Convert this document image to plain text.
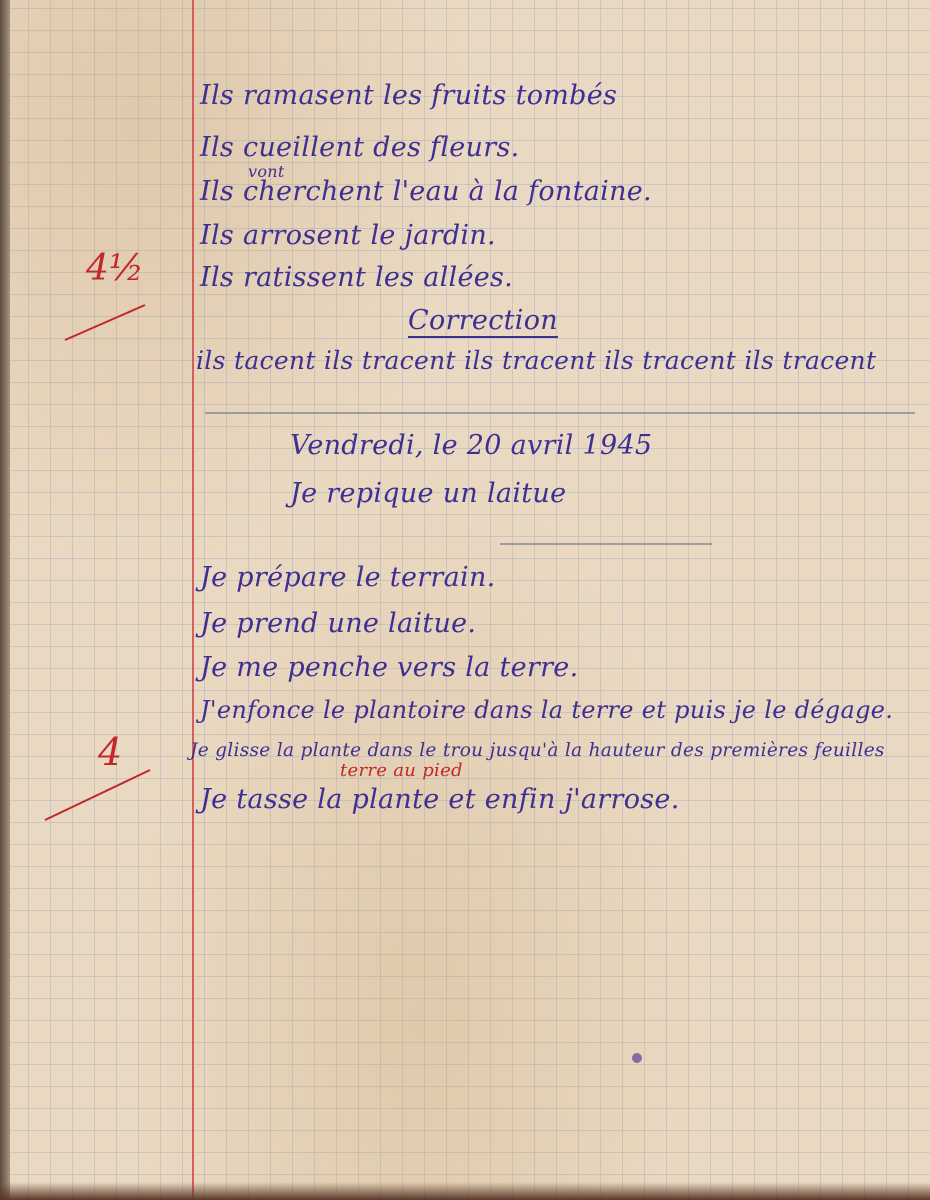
Ils ramasent les fruits tombés
Ils cueillent des fleurs.
vont
Ils cherchent l'eau à la fontaine.
Ils arrosent le jardin.
Ils ratissent les allées.
4½
Correction
ils tacent ils tracent ils tracent ils tracent ils tracent
Vendredi, le 20 avril 1945
Je repique un laitue
Je prépare le terrain.
Je prend une laitue.
Je me penche vers la terre.
J'enfonce le plantoire dans la terre et puis je le dégage.
Je glisse la plante dans le trou jusqu'à la hauteur des premières feuilles
terre au pied
Je tasse la plante et enfin j'arrose.
4
